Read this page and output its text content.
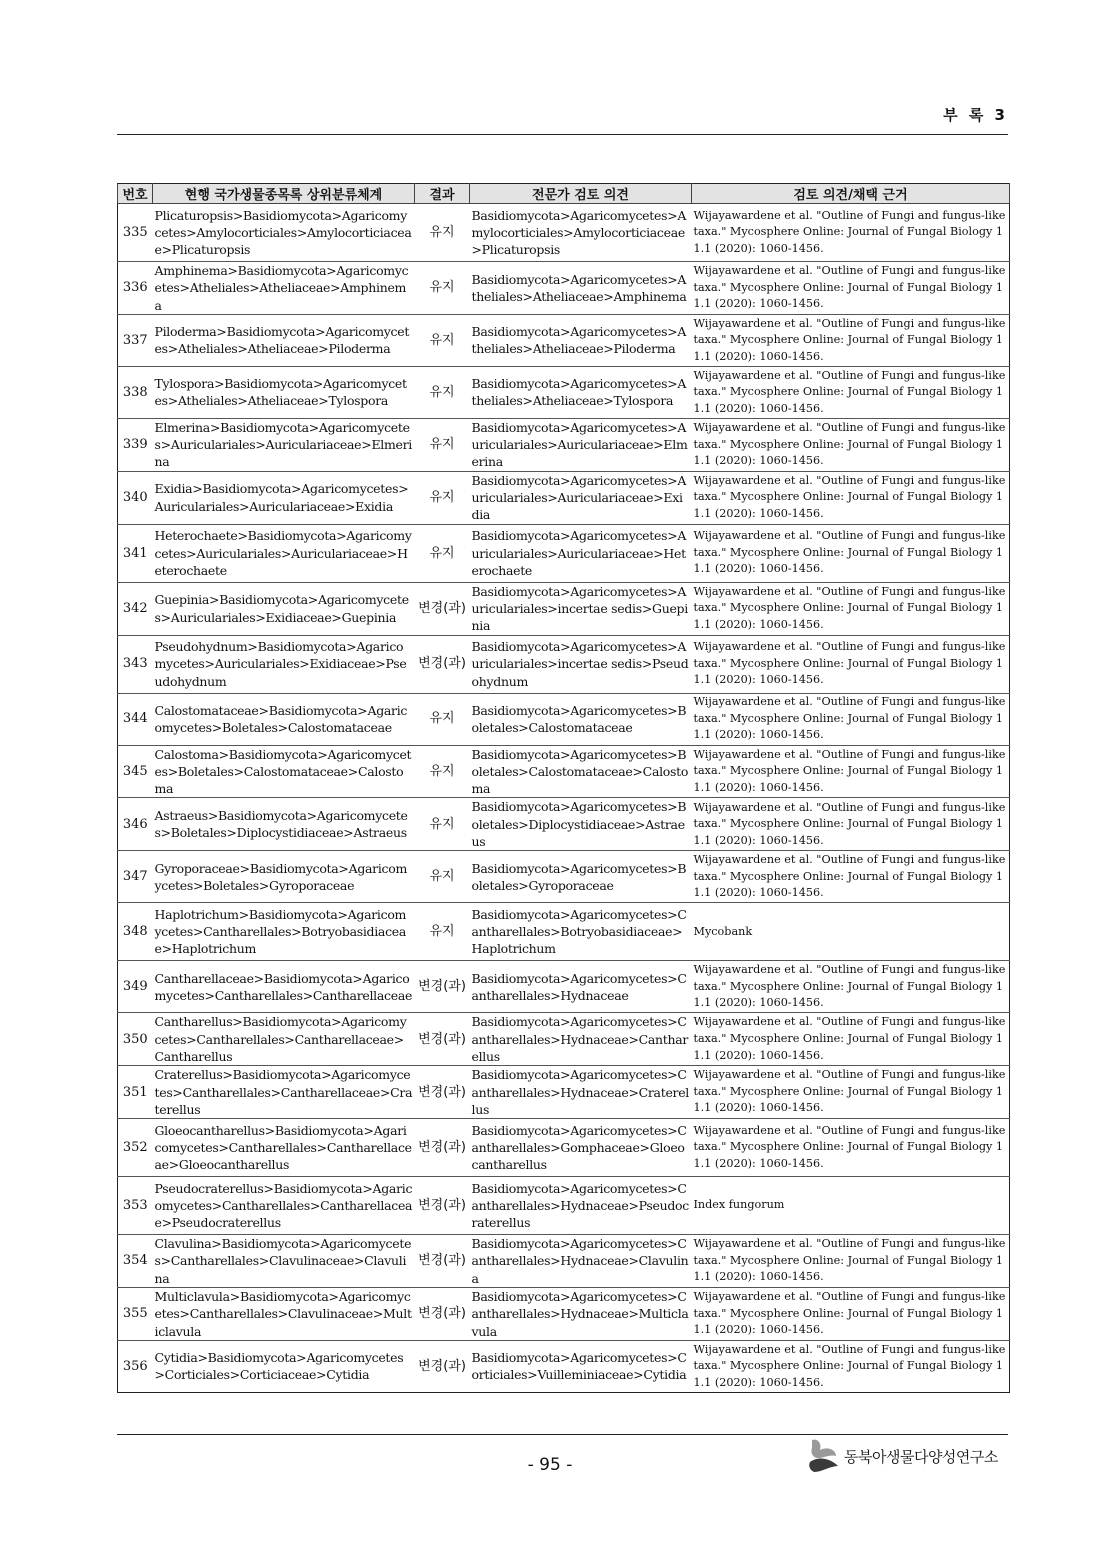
부 록 3
번호	현행 국가생물종목록 상위분류체계	결과	전문가 검토 의견	검토 의견/채택 근거
335	Plicaturopsis>Basidiomycota>Agaricomycetes>Amylocorticiales>Amylocorticiaceae>Plicaturopsis	유지	Basidiomycota>Agaricomycetes>Amylocorticiales>Amylocorticiaceae>Plicaturopsis	Wijayawardene et al. "Outline of Fungi and fungus-like taxa." Mycosphere Online: Journal of Fungal Biology 11.1 (2020): 1060-1456.
336	Amphinema>Basidiomycota>Agaricomycetes>Atheliales>Atheliaceae>Amphinema	유지	Basidiomycota>Agaricomycetes>Atheliales>Atheliaceae>Amphinema	Wijayawardene et al. "Outline of Fungi and fungus-like taxa." Mycosphere Online: Journal of Fungal Biology 11.1 (2020): 1060-1456.
337	Piloderma>Basidiomycota>Agaricomycetes>Atheliales>Atheliaceae>Piloderma	유지	Basidiomycota>Agaricomycetes>Atheliales>Atheliaceae>Piloderma	Wijayawardene et al. "Outline of Fungi and fungus-like taxa." Mycosphere Online: Journal of Fungal Biology 11.1 (2020): 1060-1456.
338	Tylospora>Basidiomycota>Agaricomycetes>Atheliales>Atheliaceae>Tylospora	유지	Basidiomycota>Agaricomycetes>Atheliales>Atheliaceae>Tylospora	Wijayawardene et al. "Outline of Fungi and fungus-like taxa." Mycosphere Online: Journal of Fungal Biology 11.1 (2020): 1060-1456.
339	Elmerina>Basidiomycota>Agaricomycetes>Auriculariales>Auriculariaceae>Elmerina	유지	Basidiomycota>Agaricomycetes>Auriculariales>Auriculariaceae>Elmerina	Wijayawardene et al. "Outline of Fungi and fungus-like taxa." Mycosphere Online: Journal of Fungal Biology 11.1 (2020): 1060-1456.
340	Exidia>Basidiomycota>Agaricomycetes>Auriculariales>Auriculariaceae>Exidia	유지	Basidiomycota>Agaricomycetes>Auriculariales>Auriculariaceae>Exidia	Wijayawardene et al. "Outline of Fungi and fungus-like taxa." Mycosphere Online: Journal of Fungal Biology 11.1 (2020): 1060-1456.
341	Heterochaete>Basidiomycota>Agaricomycetes>Auriculariales>Auriculariaceae>Heterochaete	유지	Basidiomycota>Agaricomycetes>Auriculariales>Auriculariaceae>Heterochaete	Wijayawardene et al. "Outline of Fungi and fungus-like taxa." Mycosphere Online: Journal of Fungal Biology 11.1 (2020): 1060-1456.
342	Guepinia>Basidiomycota>Agaricomycetes>Auriculariales>Exidiaceae>Guepinia	변경(과)	Basidiomycota>Agaricomycetes>Auriculariales>incertae sedis>Guepinia	Wijayawardene et al. "Outline of Fungi and fungus-like taxa." Mycosphere Online: Journal of Fungal Biology 11.1 (2020): 1060-1456.
343	Pseudohydnum>Basidiomycota>Agaricomycetes>Auriculariales>Exidiaceae>Pseudohydnum	변경(과)	Basidiomycota>Agaricomycetes>Auriculariales>incertae sedis>Pseudohydnum	Wijayawardene et al. "Outline of Fungi and fungus-like taxa." Mycosphere Online: Journal of Fungal Biology 11.1 (2020): 1060-1456.
344	Calostomataceae>Basidiomycota>Agaricomycetes>Boletales>Calostomataceae	유지	Basidiomycota>Agaricomycetes>Boletales>Calostomataceae	Wijayawardene et al. "Outline of Fungi and fungus-like taxa." Mycosphere Online: Journal of Fungal Biology 11.1 (2020): 1060-1456.
345	Calostoma>Basidiomycota>Agaricomycetes>Boletales>Calostomataceae>Calostoma	유지	Basidiomycota>Agaricomycetes>Boletales>Calostomataceae>Calostoma	Wijayawardene et al. "Outline of Fungi and fungus-like taxa." Mycosphere Online: Journal of Fungal Biology 11.1 (2020): 1060-1456.
346	Astraeus>Basidiomycota>Agaricomycetes>Boletales>Diplocystidiaceae>Astraeus	유지	Basidiomycota>Agaricomycetes>Boletales>Diplocystidiaceae>Astraeus	Wijayawardene et al. "Outline of Fungi and fungus-like taxa." Mycosphere Online: Journal of Fungal Biology 11.1 (2020): 1060-1456.
347	Gyroporaceae>Basidiomycota>Agaricomycetes>Boletales>Gyroporaceae	유지	Basidiomycota>Agaricomycetes>Boletales>Gyroporaceae	Wijayawardene et al. "Outline of Fungi and fungus-like taxa." Mycosphere Online: Journal of Fungal Biology 11.1 (2020): 1060-1456.
348	Haplotrichum>Basidiomycota>Agaricomycetes>Cantharellales>Botryobasidiaceae>Haplotrichum	유지	Basidiomycota>Agaricomycetes>Cantharellales>Botryobasidiaceae>Haplotrichum	Mycobank
349	Cantharellaceae>Basidiomycota>Agaricomycetes>Cantharellales>Cantharellaceae	변경(과)	Basidiomycota>Agaricomycetes>Cantharellales>Hydnaceae	Wijayawardene et al. "Outline of Fungi and fungus-like taxa." Mycosphere Online: Journal of Fungal Biology 11.1 (2020): 1060-1456.
350	Cantharellus>Basidiomycota>Agaricomycetes>Cantharellales>Cantharellaceae>Cantharellus	변경(과)	Basidiomycota>Agaricomycetes>Cantharellales>Hydnaceae>Cantharellus	Wijayawardene et al. "Outline of Fungi and fungus-like taxa." Mycosphere Online: Journal of Fungal Biology 11.1 (2020): 1060-1456.
351	Craterellus>Basidiomycota>Agaricomycetes>Cantharellales>Cantharellaceae>Craterellus	변경(과)	Basidiomycota>Agaricomycetes>Cantharellales>Hydnaceae>Craterellus	Wijayawardene et al. "Outline of Fungi and fungus-like taxa." Mycosphere Online: Journal of Fungal Biology 11.1 (2020): 1060-1456.
352	Gloeocantharellus>Basidiomycota>Agaricomycetes>Cantharellales>Cantharellaceae>Gloeocantharellus	변경(과)	Basidiomycota>Agaricomycetes>Cantharellales>Gomphaceae>Gloeocantharellus	Wijayawardene et al. "Outline of Fungi and fungus-like taxa." Mycosphere Online: Journal of Fungal Biology 11.1 (2020): 1060-1456.
353	Pseudocraterellus>Basidiomycota>Agaricomycetes>Cantharellales>Cantharellaceae>Pseudocraterellus	변경(과)	Basidiomycota>Agaricomycetes>Cantharellales>Hydnaceae>Pseudocraterellus	Index fungorum
354	Clavulina>Basidiomycota>Agaricomycetes>Cantharellales>Clavulinaceae>Clavulina	변경(과)	Basidiomycota>Agaricomycetes>Cantharellales>Hydnaceae>Clavulina	Wijayawardene et al. "Outline of Fungi and fungus-like taxa." Mycosphere Online: Journal of Fungal Biology 11.1 (2020): 1060-1456.
355	Multiclavula>Basidiomycota>Agaricomycetes>Cantharellales>Clavulinaceae>Multiclavula	변경(과)	Basidiomycota>Agaricomycetes>Cantharellales>Hydnaceae>Multiclavula	Wijayawardene et al. "Outline of Fungi and fungus-like taxa." Mycosphere Online: Journal of Fungal Biology 11.1 (2020): 1060-1456.
356	Cytidia>Basidiomycota>Agaricomycetes>Corticiales>Corticiaceae>Cytidia	변경(과)	Basidiomycota>Agaricomycetes>Corticiales>Vuilleminiaceae>Cytidia	Wijayawardene et al. "Outline of Fungi and fungus-like taxa." Mycosphere Online: Journal of Fungal Biology 11.1 (2020): 1060-1456.
- 95 -	동북아생물다양성연구소
